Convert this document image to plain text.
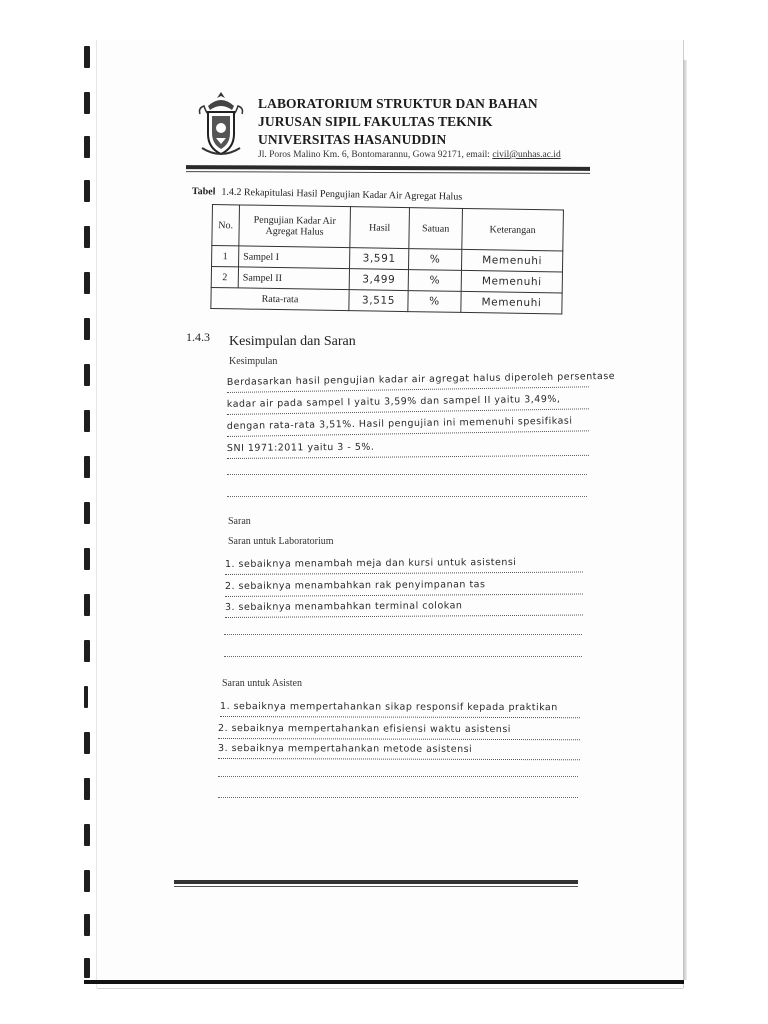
LABORATORIUM STRUKTUR DAN BAHAN
JURUSAN SIPIL FAKULTAS TEKNIK
UNIVERSITAS HASANUDDIN
Jl. Poros Malino Km. 6, Bontomarannu, Gowa 92171, email: civil@unhas.ac.id
Tabel 1.4.2 Rekapitulasi Hasil Pengujian Kadar Air Agregat Halus
No.	Pengujian Kadar Air Agregat Halus	Hasil	Satuan	Keterangan
1	Sampel I	3,591	%	Memenuhi
2	Sampel II	3,499	%	Memenuhi
Rata-rata		3,515	%	Memenuhi
1.4.3 Kesimpulan dan Saran
Kesimpulan
Berdasarkan hasil pengujian kadar air agregat halus diperoleh persentase
kadar air pada sampel I yaitu 3,59% dan sampel II yaitu 3,49%,
dengan rata-rata 3,51%. Hasil pengujian ini memenuhi spesifikasi
SNI 1971:2011 yaitu 3 - 5%.
Saran
Saran untuk Laboratorium
1. sebaiknya menambah meja dan kursi untuk asistensi
2. sebaiknya menambahkan rak penyimpanan tas
3. sebaiknya menambahkan terminal colokan
Saran untuk Asisten
1. sebaiknya mempertahankan sikap responsif kepada praktikan
2. sebaiknya mempertahankan efisiensi waktu asistensi
3. sebaiknya mempertahankan metode asistensi
